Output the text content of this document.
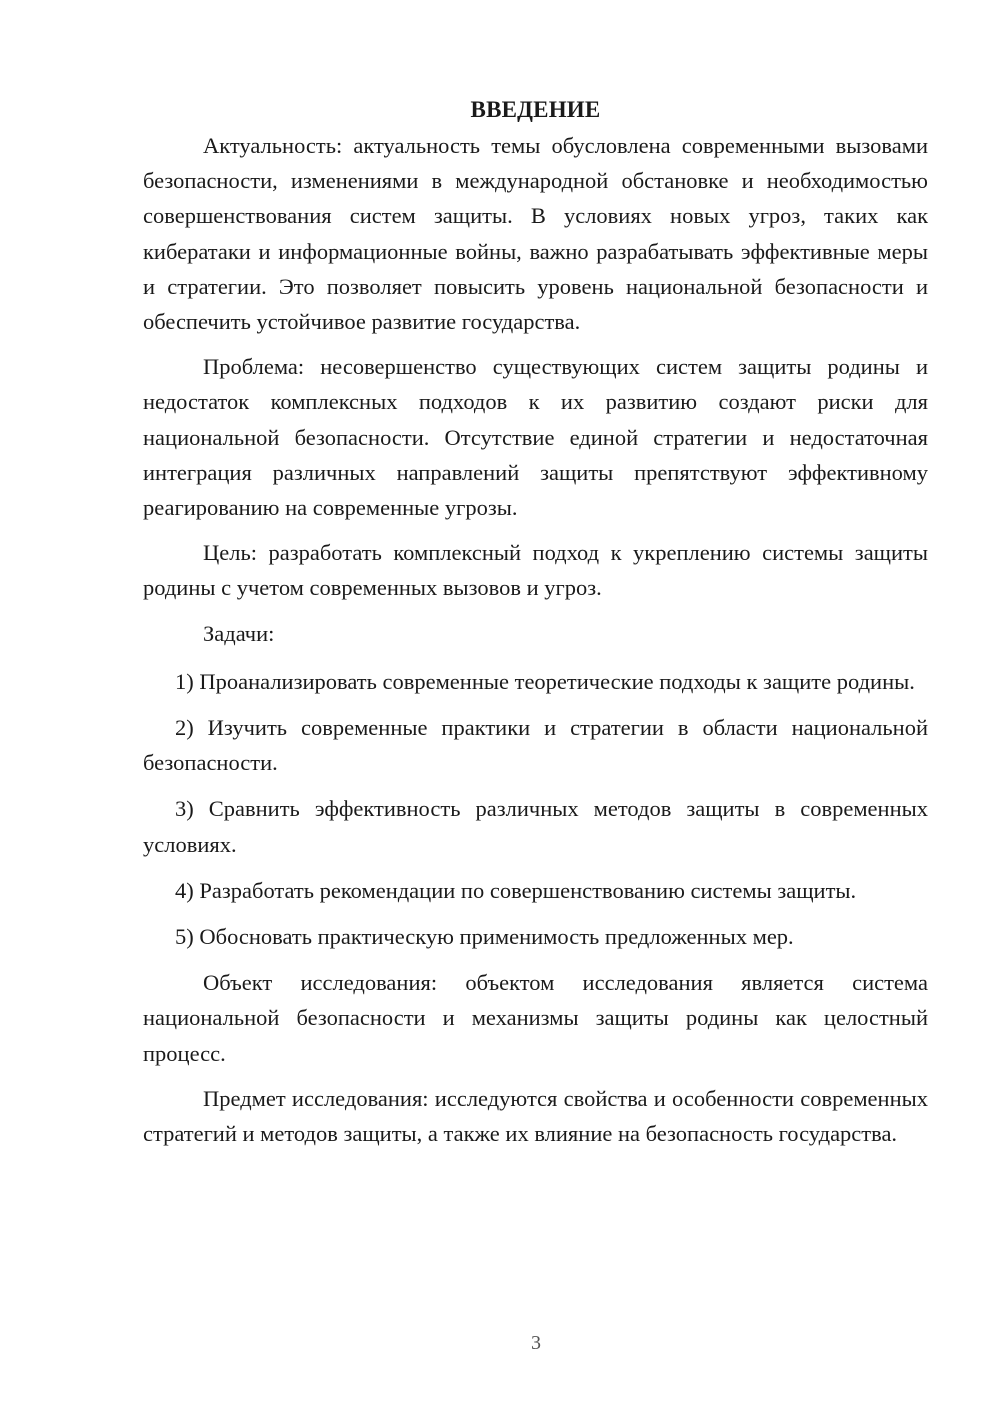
ВВЕДЕНИЕ

Актуальность: актуальность темы обусловлена современными вызовами безопасности, изменениями в международной обстановке и необходимостью совершенствования систем защиты. В условиях новых угроз, таких как кибератаки и информационные войны, важно разрабатывать эффективные меры и стратегии. Это позволяет повысить уровень национальной безопасности и обеспечить устойчивое развитие государства.

Проблема: несовершенство существующих систем защиты родины и недостаток комплексных подходов к их развитию создают риски для национальной безопасности. Отсутствие единой стратегии и недостаточная интеграция различных направлений защиты препятствуют эффективному реагированию на современные угрозы.

Цель: разработать комплексный подход к укреплению системы защиты родины с учетом современных вызовов и угроз.

Задачи:

1) Проанализировать современные теоретические подходы к защите родины.

2) Изучить современные практики и стратегии в области национальной безопасности.

3) Сравнить эффективность различных методов защиты в современных условиях.

4) Разработать рекомендации по совершенствованию системы защиты.

5) Обосновать практическую применимость предложенных мер.

Объект исследования: объектом исследования является система национальной безопасности и механизмы защиты родины как целостный процесс.

Предмет исследования: исследуются свойства и особенности современных стратегий и методов защиты, а также их влияние на безопасность государства.

3
